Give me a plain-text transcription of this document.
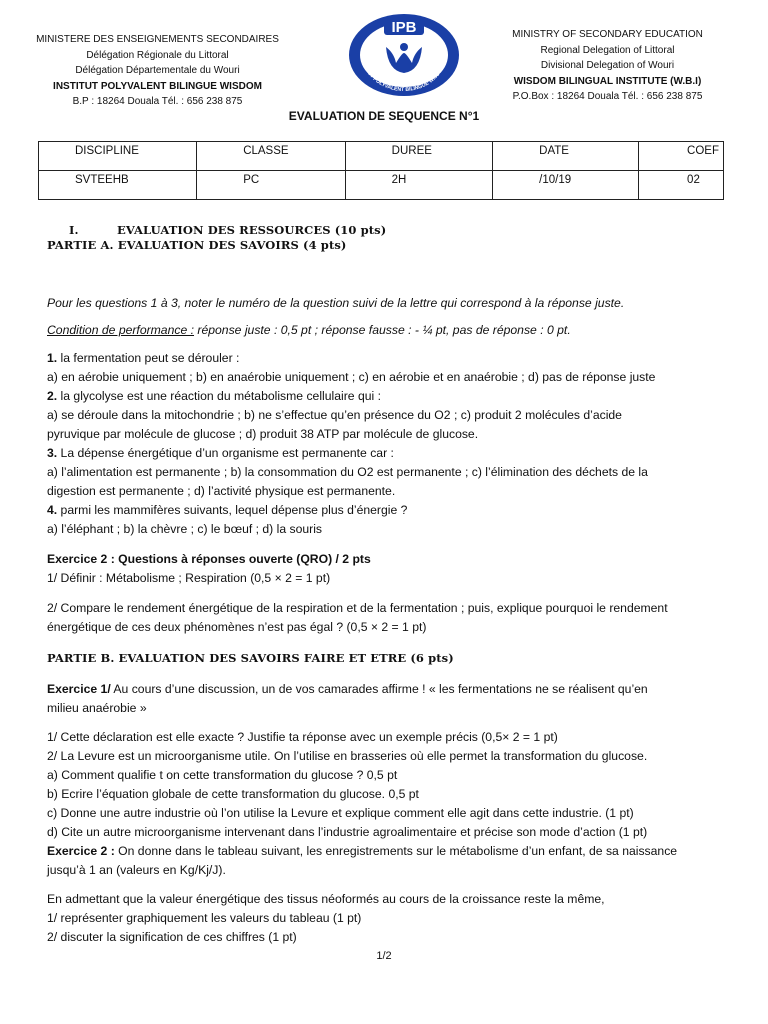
MINISTERE DES ENSEIGNEMENTS SECONDAIRES
Délégation Régionale du Littoral
Délégation Départementale du Wouri
INSTITUT POLYVALENT BILINGUE WISDOM
B.P : 18264 Douala Tél. : 656 238 875
IPB
INSTITUT POLYVALENT BILINGUE WISDOM
MINISTRY OF SECONDARY EDUCATION
Regional Delegation of Littoral
Divisional Delegation of Wouri
WISDOM BILINGUAL INSTITUTE (W.B.I)
P.O.Box : 18264 Douala Tél. : 656 238 875
EVALUATION DE SEQUENCE N°1
DISCIPLINE	CLASSE	DUREE	DATE	COEF

SVTEEHB	PC	2H	/10/19	02
I.	EVALUATION DES RESSOURCES (10 pts)
PARTIE A. EVALUATION DES SAVOIRS (4 pts)
Pour les questions 1 à 3, noter le numéro de la question suivi de la lettre qui correspond à la réponse juste.
Condition de performance : réponse juste : 0,5 pt ; réponse fausse : - ¼ pt, pas de réponse : 0 pt.
1. la fermentation peut se dérouler :
a) en aérobie uniquement ; b) en anaérobie uniquement ; c) en aérobie et en anaérobie ; d) pas de réponse juste
2. la glycolyse est une réaction du métabolisme cellulaire qui :
a) se déroule dans la mitochondrie ; b) ne s’effectue qu’en présence du O2 ; c) produit 2 molécules d’acide
pyruvique par molécule de glucose ; d) produit 38 ATP par molécule de glucose.
3. La dépense énergétique d’un organisme est permanente car :
a) l’alimentation est permanente ; b) la consommation du O2 est permanente ; c) l’élimination des déchets de la
digestion est permanente ; d) l’activité physique est permanente.
4. parmi les mammifères suivants, lequel dépense plus d’énergie ?
a) l’éléphant ; b) la chèvre ; c) le bœuf ; d) la souris
Exercice 2 : Questions à réponses ouverte (QRO) / 2 pts
1/ Définir : Métabolisme ; Respiration (0,5 × 2 = 1 pt)
2/ Compare le rendement énergétique de la respiration et de la fermentation ; puis, explique pourquoi le rendement
énergétique de ces deux phénomènes n’est pas égal ? (0,5 × 2 = 1 pt)
PARTIE B. EVALUATION DES SAVOIRS FAIRE ET ETRE (6 pts)
Exercice 1/ Au cours d’une discussion, un de vos camarades affirme ! « les fermentations ne se réalisent qu’en
milieu anaérobie »
1/ Cette déclaration est elle exacte ? Justifie ta réponse avec un exemple précis (0,5× 2 = 1 pt)
2/ La Levure est un microorganisme utile. On l’utilise en brasseries où elle permet la transformation du glucose.
a) Comment qualifie t on cette transformation du glucose ? 0,5 pt
b) Ecrire l’équation globale de cette transformation du glucose. 0,5 pt
c) Donne une autre industrie où l’on utilise la Levure et explique comment elle agit dans cette industrie. (1 pt)
d) Cite un autre microorganisme intervenant dans l’industrie agroalimentaire et précise son mode d’action (1 pt)
Exercice 2 : On donne dans le tableau suivant, les enregistrements sur le métabolisme d’un enfant, de sa naissance
jusqu’à 1 an (valeurs en Kg/Kj/J).
En admettant que la valeur énergétique des tissus néoformés au cours de la croissance reste la même,
1/ représenter graphiquement les valeurs du tableau (1 pt)
2/ discuter la signification de ces chiffres (1 pt)
1/2
